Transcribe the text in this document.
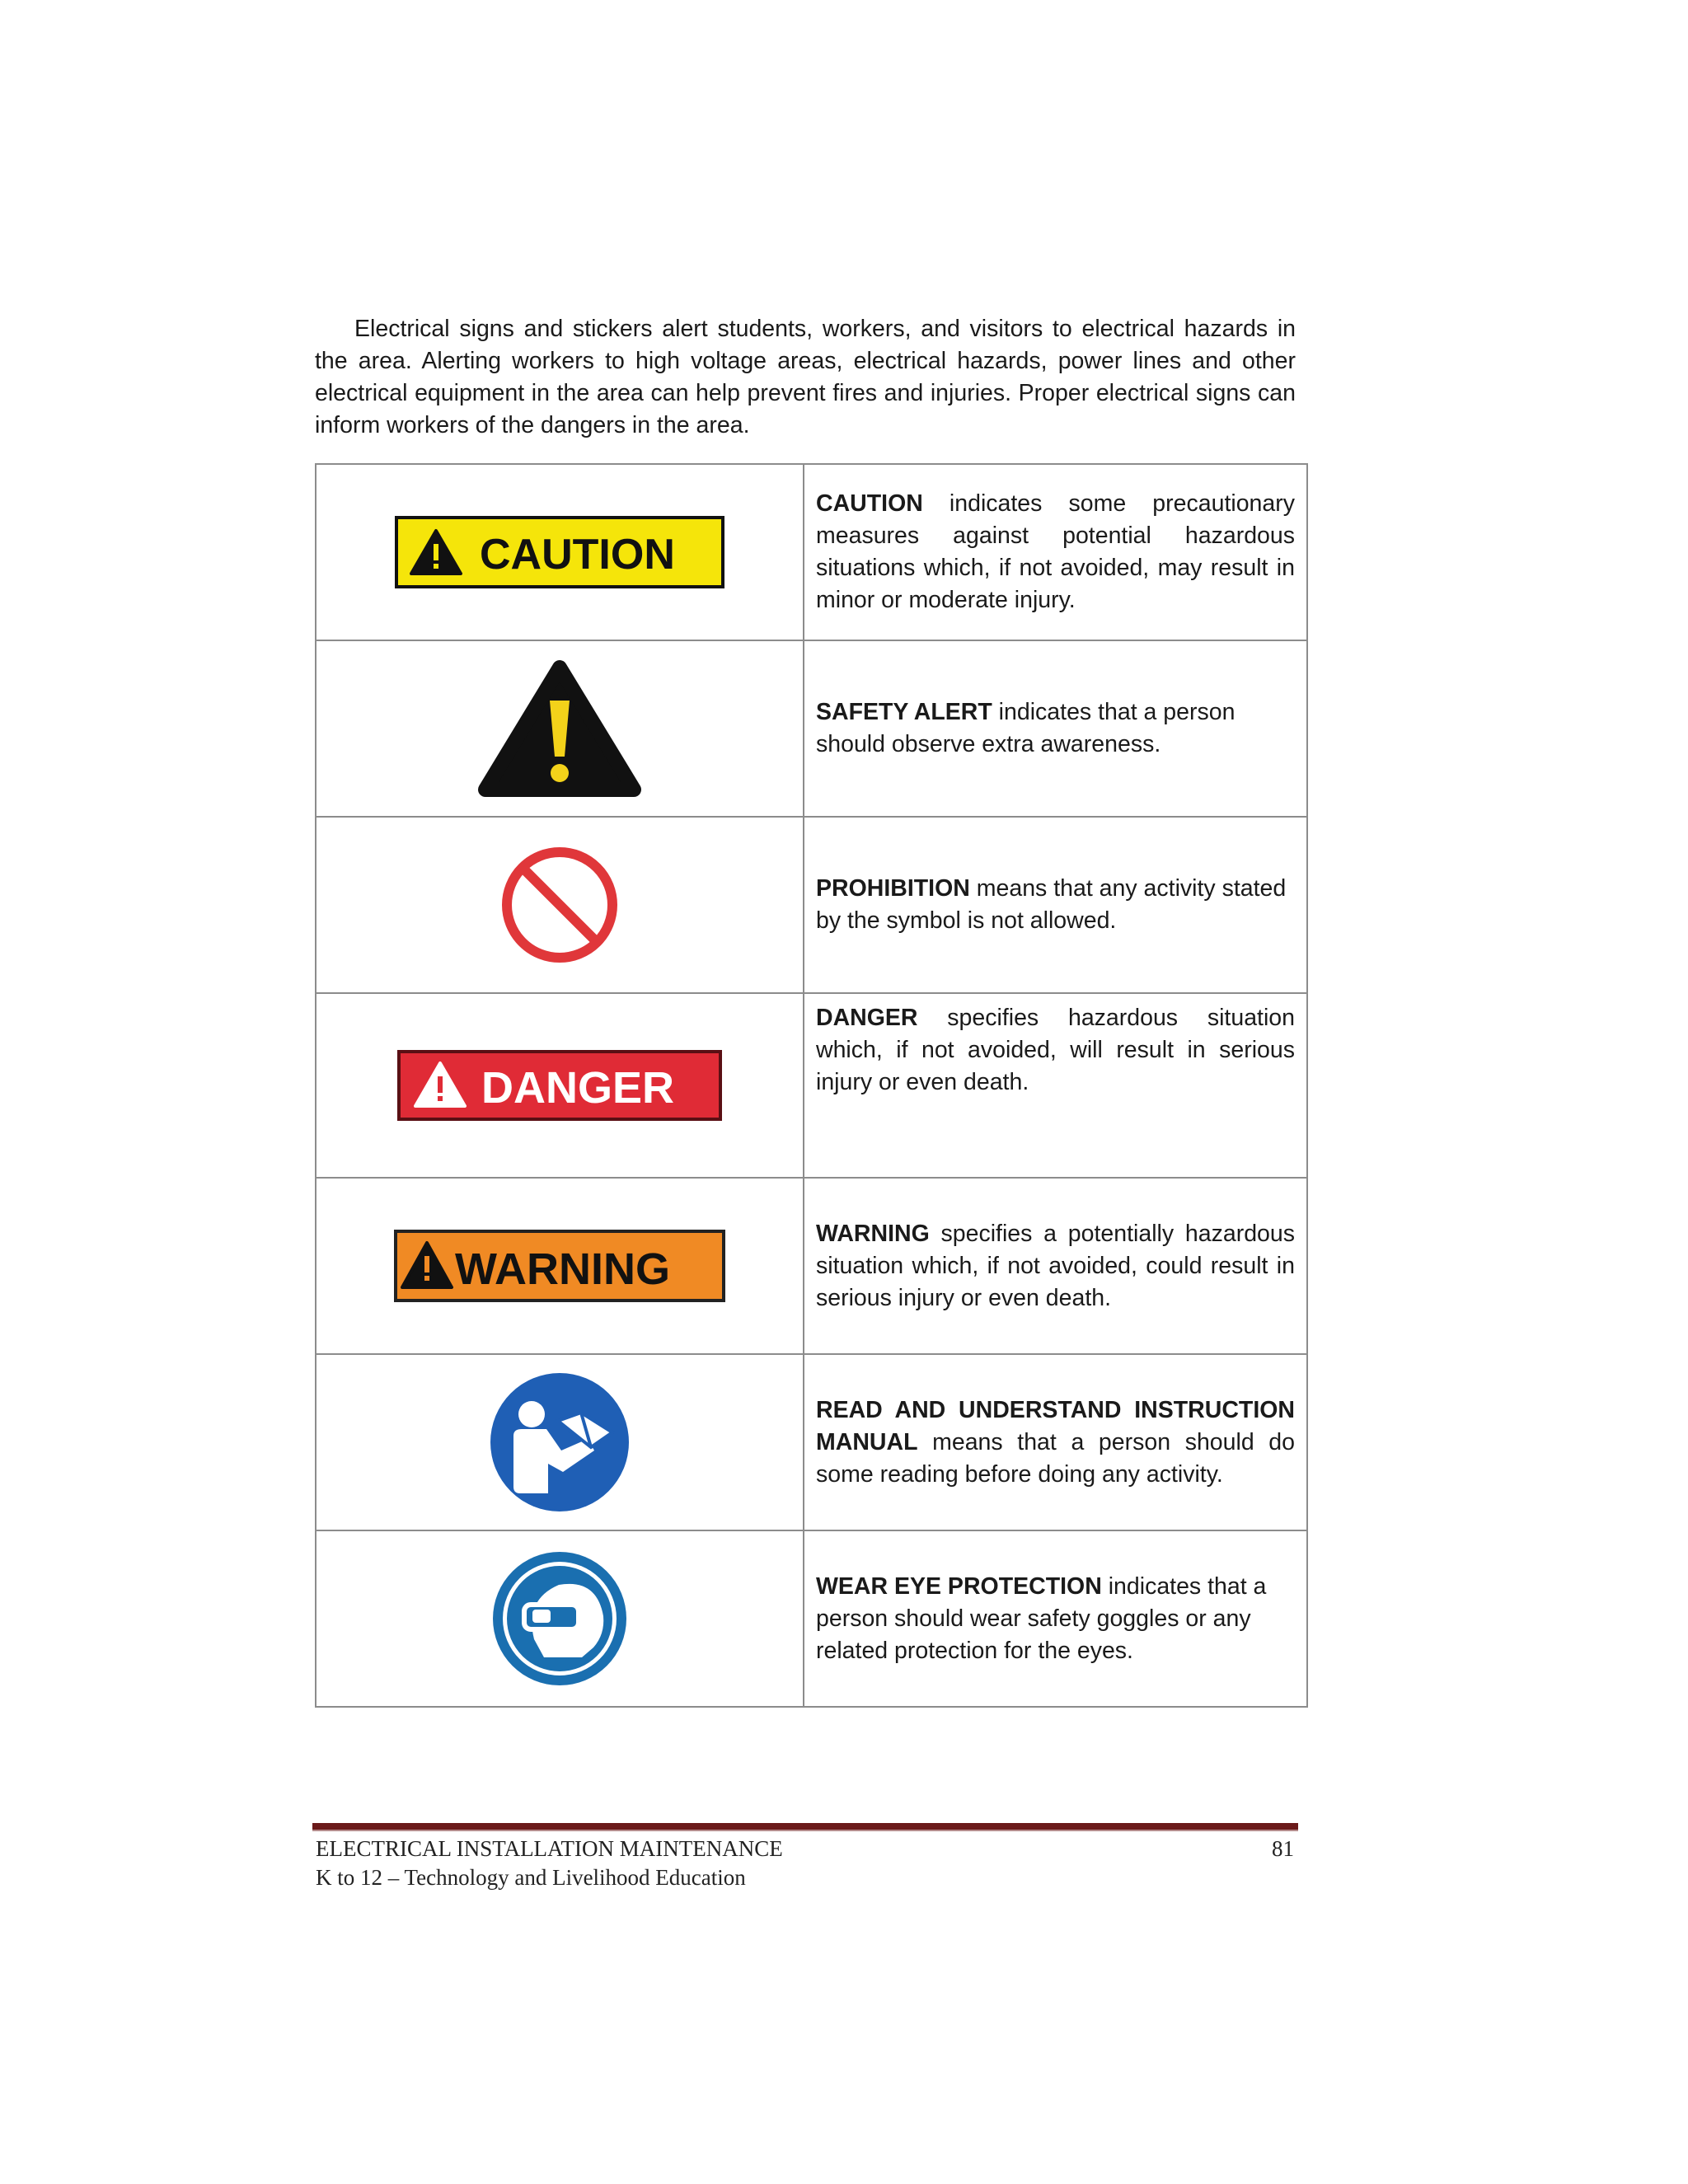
Electrical signs and stickers alert students, workers, and visitors to electrical hazards in the area. Alerting workers to high voltage areas, electrical hazards, power lines and other electrical equipment in the area can help prevent fires and injuries. Proper electrical signs can inform workers of the dangers in the area.

CAUTION	CAUTION indicates some precautionary measures against potential hazardous situations which, if not avoided, may result in minor or moderate injury.

	SAFETY ALERT indicates that a person should observe extra awareness.

	PROHIBITION means that any activity stated by the symbol is not allowed.

DANGER	DANGER specifies hazardous situation which, if not avoided, will result in serious injury or even death.

WARNING	WARNING specifies a potentially hazardous situation which, if not avoided, could result in serious injury or even death.

	READ AND UNDERSTAND INSTRUCTION MANUAL means that a person should do some reading before doing any activity.

	WEAR EYE PROTECTION indicates that a person should wear safety goggles or any related protection for the eyes.
ELECTRICAL INSTALLATION MAINTENANCE
K to 12 – Technology and Livelihood Education
81
